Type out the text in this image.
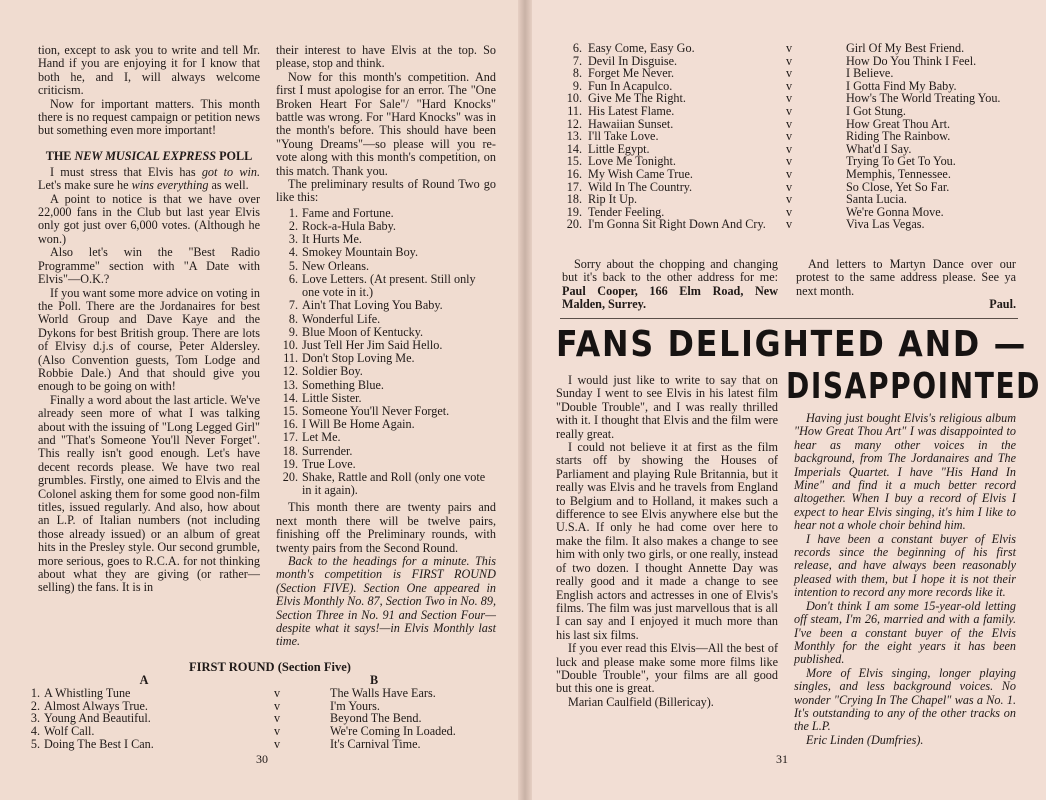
tion, except to ask you to write and tell Mr. Hand if you are enjoying it for I know that both he, and I, will always welcome criticism.

Now for important matters. This month there is no request campaign or petition news but something even more important!

THE NEW MUSICAL EXPRESS POLL

I must stress that Elvis has got to win. Let's make sure he wins everything as well.

A point to notice is that we have over 22,000 fans in the Club but last year Elvis only got just over 6,000 votes. (Although he won.)

Also let's win the "Best Radio Programme" section with "A Date with Elvis"—O.K.?

If you want some more advice on voting in the Poll. There are the Jordanaires for best World Group and Dave Kaye and the Dykons for best British group. There are lots of Elvisy d.j.s of course, Peter Aldersley. (Also Convention guests, Tom Lodge and Robbie Dale.) And that should give you enough to be going on with!

Finally a word about the last article. We've already seen more of what I was talking about with the issuing of "Long Legged Girl" and "That's Someone You'll Never Forget". This really isn't good enough. Let's have decent records please. We have two real grumbles. Firstly, one aimed to Elvis and the Colonel asking them for some good non-film titles, issued regularly. And also, how about an L.P. of Italian numbers (not including those already issued) or an album of great hits in the Presley style. Our second grumble, more serious, goes to R.C.A. for not thinking about what they are giving (or rather—selling) the fans. It is in

their interest to have Elvis at the top. So please, stop and think.

Now for this month's competition. And first I must apologise for an error. The "One Broken Heart For Sale"/ "Hard Knocks" battle was wrong. For "Hard Knocks" was in the month's before. This should have been "Young Dreams"—so please will you re-vote along with this month's competition, on this match. Thank you.

The preliminary results of Round Two go like this:

1. Fame and Fortune.
2. Rock-a-Hula Baby.
3. It Hurts Me.
4. Smokey Mountain Boy.
5. New Orleans.
6. Love Letters. (At present. Still only one vote in it.)
7. Ain't That Loving You Baby.
8. Wonderful Life.
9. Blue Moon of Kentucky.
10. Just Tell Her Jim Said Hello.
11. Don't Stop Loving Me.
12. Soldier Boy.
13. Something Blue.
14. Little Sister.
15. Someone You'll Never Forget.
16. I Will Be Home Again.
17. Let Me.
18. Surrender.
19. True Love.
20. Shake, Rattle and Roll (only one vote in it again).

This month there are twenty pairs and next month there will be twelve pairs, finishing off the Preliminary rounds, with twenty pairs from the Second Round.

Back to the headings for a minute. This month's competition is FIRST ROUND (Section FIVE). Section One appeared in Elvis Monthly No. 87, Section Two in No. 89, Section Three in No. 91 and Section Four—despite what it says!—in Elvis Monthly last time.

FIRST ROUND (Section Five)
A	B
1. A Whistling Tune	v	The Walls Have Ears.
2. Almost Always True.	v	I'm Yours.
3. Young And Beautiful.	v	Beyond The Bend.
4. Wolf Call.	v	We're Coming In Loaded.
5. Doing The Best I Can.	v	It's Carnival Time.
30
6. Easy Come, Easy Go.	v	Girl Of My Best Friend.
7. Devil In Disguise.	v	How Do You Think I Feel.
8. Forget Me Never.	v	I Believe.
9. Fun In Acapulco.	v	I Gotta Find My Baby.
10. Give Me The Right.	v	How's The World Treating You.
11. His Latest Flame.	v	I Got Stung.
12. Hawaiian Sunset.	v	How Great Thou Art.
13. I'll Take Love.	v	Riding The Rainbow.
14. Little Egypt.	v	What'd I Say.
15. Love Me Tonight.	v	Trying To Get To You.
16. My Wish Came True.	v	Memphis, Tennessee.
17. Wild In The Country.	v	So Close, Yet So Far.
18. Rip It Up.	v	Santa Lucia.
19. Tender Feeling.	v	We're Gonna Move.
20. I'm Gonna Sit Right Down And Cry.	v	Viva Las Vegas.

Sorry about the chopping and changing but it's back to the other address for me: Paul Cooper, 166 Elm Road, New Malden, Surrey.

And letters to Martyn Dance over our protest to the same address please. See ya next month.

Paul.
FANS DELIGHTED AND —
DISAPPOINTED

I would just like to write to say that on Sunday I went to see Elvis in his latest film "Double Trouble", and I was really thrilled with it. I thought that Elvis and the film were really great.

I could not believe it at first as the film starts off by showing the Houses of Parliament and playing Rule Britannia, but it really was Elvis and he travels from England to Belgium and to Holland, it makes such a difference to see Elvis anywhere else but the U.S.A. If only he had come over here to make the film. It also makes a change to see him with only two girls, or one really, instead of two dozen. I thought Annette Day was really good and it made a change to see English actors and actresses in one of Elvis's films. The film was just marvellous that is all I can say and I enjoyed it much more than his last six films.

If you ever read this Elvis—All the best of luck and please make some more films like "Double Trouble", your films are all good but this one is great.

Marian Caulfield (Billericay).

Having just bought Elvis's religious album "How Great Thou Art" I was disappointed to hear as many other voices in the background, from The Jordanaires and The Imperials Quartet. I have "His Hand In Mine" and find it a much better record altogether. When I buy a record of Elvis I expect to hear Elvis singing, it's him I like to hear not a whole choir behind him.

I have been a constant buyer of Elvis records since the beginning of his first release, and have always been reasonably pleased with them, but I hope it is not their intention to record any more records like it.

Don't think I am some 15-year-old letting off steam, I'm 26, married and with a family. I've been a constant buyer of the Elvis Monthly for the eight years it has been published.

More of Elvis singing, longer playing singles, and less background voices. No wonder "Crying In The Chapel" was a No. 1. It's outstanding to any of the other tracks on the L.P.

Eric Linden (Dumfries).

31
